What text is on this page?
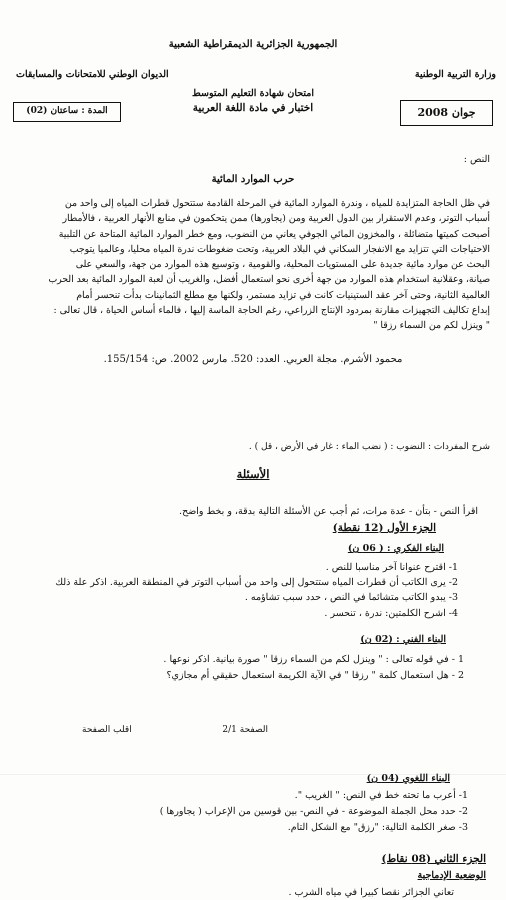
الجمهورية الجزائرية الديمقراطية الشعبية
وزارة التربية الوطنية
الديوان الوطني للامتحانات والمسابقات
امتحان شهادة التعليم المتوسط
اختبار في مادة اللغة العربية	جوان 2008
المدة : ساعتان (02)
النص :
حرب الموارد المائية
في ظل الحاجة المتزايدة للمياه ، وندرة الموارد المائية في المرحلة القادمة ستتحول قطرات المياه إلى واحد من
أسباب التوتر، وعدم الاستقرار بين الدول العربية ومن (يجاورها) ممن يتحكمون في منابع الأنهار العربية ، فالأمطار
أصبحت كميتها متضائلة ، والمخزون المائي الجوفي يعاني من النضوب، ومع خطر الموارد المائية المتاحة عن التلبية
الاحتياجات التي تتزايد مع الانفجار السكاني في البلاد العربية، وتحت ضغوطات ندرة المياه محليا، وعالميا يتوجب
البحث عن موارد مائية جديدة على المستويات المحلية، والقومية ، وتوسيع هذه الموارد من جهة، والسعي على
صيانة، وعقلانية استخدام هذه الموارد من جهة أخرى نحو استعمال أفضل، والغريب أن لعبة الموارد المائية بعد الحرب
العالمية الثانية، وحتى آخر عقد الستينيات كانت في تزايد مستمر، ولكنها مع مطلع الثمانينات بدأت تنحسر أمام
إبداع تكاليف التجهيزات مقارنة بمردود الإنتاج الزراعي، رغم الحاجة الماسة إليها ، فالماء أساس الحياة ، قال تعالى :
" وينزل لكم من السماء رزقا "
محمود الأشرم. مجلة العربي. العدد: 520. مارس 2002. ص: 155/154.
شرح المفردات : النضوب : ( نضب الماء : غار في الأرض ، قل ) .
الأسئلة
اقرأ النص - بتأن - عدة مرات، ثم أجب عن الأسئلة التالية بدقة، و بخط واضح.
الجزء الأول (12 نقطة)
البناء الفكري : ( 06 ن)
1- اقترح عنوانا آخر مناسبا للنص .
2- يرى الكاتب أن قطرات المياه ستتحول إلى واحد من أسباب التوتر في المنطقة العربية. اذكر علة ذلك
3- يبدو الكاتب متشائما في النص ، حدد سبب تشاؤمه .
4- اشرح الكلمتين: ندرة ، تنحسر .
البناء الفني : (02 ن)
1 - في قوله تعالى : " وينزل لكم من السماء رزقا " صورة بيانية. اذكر نوعها .
2 - هل استعمال كلمة " رزقا " في الآية الكريمة استعمال حقيقي أم مجازي؟
الصفحة 2/1
اقلب الصفحة
البناء اللغوي (04 ن)
1- أعرب ما تحته خط في النص: " الغريب ".
2- حدد محل الجملة الموضوعة - في النص- بين قوسين من الإعراب ( يجاورها )
3- صغر الكلمة التالية: "رزق" مع الشكل التام.
الجزء الثاني (08 نقاط)
الوضعية الإدماجية
تعاني الجزائر نقصا كبيرا في مياه الشرب .
